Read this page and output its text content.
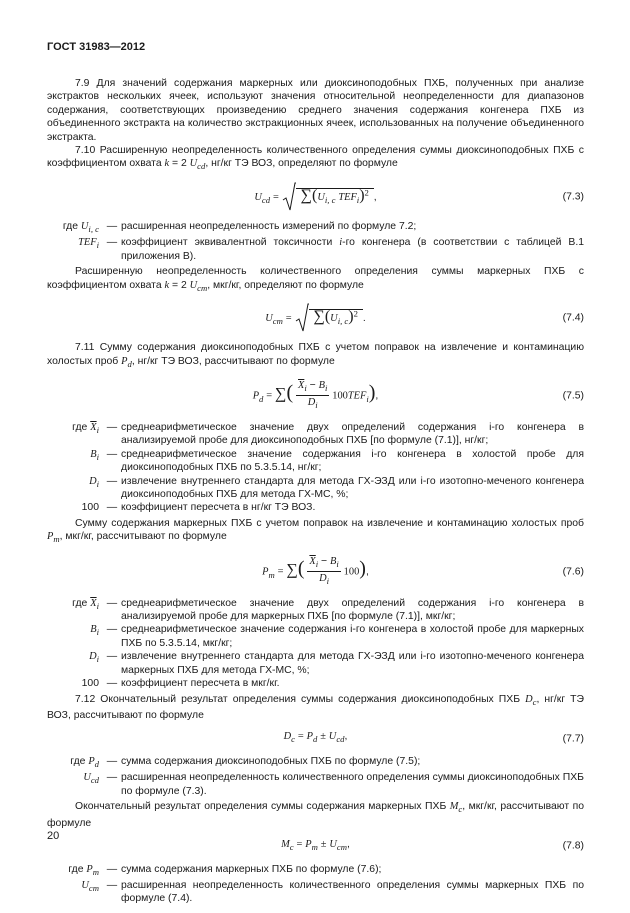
ГОСТ 31983—2012

7.9 Для значений содержания маркерных или диоксиноподобных ПХБ, полученных при анализе экстрактов нескольких ячеек, используют значения относительной неопределенности для диапазонов содержания, соответствующих произведению среднего значения содержания конгенера ПХБ из объединенного экстракта на количество экстракционных ячеек, использованных на получение объединенного экстракта.

7.10 Расширенную неопределенность количественного определения суммы диоксиноподобных ПХБ с коэффициентом охвата k = 2 $U_{cd}$, нг/кг ТЭ ВОЗ, определяют по формуле

$U_{cd} = \sum(U_{i, c}$ $TEF_i)^2$ ,	(7.3)
где $U_{i, c}$ — расширенная неопределенность измерений по формуле 7.2;
$TEF_i$ — коэффициент эквивалентной токсичности i-го конгенера (в соответствии с таблицей В.1 приложения В).

Расширенную неопределенность количественного определения суммы маркерных ПХБ с коэффициентом охвата k = 2 $U_{cm}$, мкг/кг, определяют по формуле

$U_{cm} = \sum(U_{i, c})^2$ .	(7.4)

7.11 Сумму содержания диоксиноподобных ПХБ с учетом поправок на извлечение и контаминацию холостых проб $P_d$, нг/кг ТЭ ВОЗ, рассчитывают по формуле

$P_d$ = ∑( $\frac{\overline{X}_i - B_i}{D_i} 100TEF_i$),	(7.5)
где $\overline{X}_i$ — среднеарифметическое значение двух определений содержания i-го конгенера в анализируемой пробе для диоксиноподобных ПХБ [по формуле (7.1)], нг/кг;
$B_i$ — среднеарифметическое значение содержания i-го конгенера в холостой пробе для диоксиноподобных ПХБ по 5.3.5.14, нг/кг;
$D_i$ — извлечение внутреннего стандарта для метода ГХ-ЭЗД или i-го изотопно-меченого конгенера диоксиноподобных ПХБ для метода ГХ-МС, %;
100 — коэффициент пересчета в нг/кг ТЭ ВОЗ.

Сумму содержания маркерных ПХБ с учетом поправок на извлечение и контаминацию холостых проб $P_m$, мкг/кг, рассчитывают по формуле

$P_m$ = ∑( $\frac{\overline{X}_i - B_i}{D_i} 100$),	(7.6)
где $\overline{X}_i$ — среднеарифметическое значение двух определений содержания i-го конгенера в анализируемой пробе для маркерных ПХБ [по формуле (7.1)], мкг/кг;
$B_i$ — среднеарифметическое значение содержания i-го конгенера в холостой пробе для маркерных ПХБ по 5.3.5.14, мкг/кг;
$D_i$ — извлечение внутреннего стандарта для метода ГХ-ЭЗД или i-го изотопно-меченого конгенера маркерных ПХБ для метода ГХ-МС, %;
100 — коэффициент пересчета в мкг/кг.

7.12 Окончательный результат определения суммы содержания диоксиноподобных ПХБ $D_c$, нг/кг ТЭ ВОЗ, рассчитывают по формуле

$D_c = P_d \pm U_{cd}$,	(7.7)
где $P_d$ — сумма содержания диоксиноподобных ПХБ по формуле (7.5);
$U_{cd}$ — расширенная неопределенность количественного определения суммы диоксиноподобных ПХБ по формуле (7.3).

Окончательный результат определения суммы содержания маркерных ПХБ $M_c$, мкг/кг, рассчитывают по формуле

$M_c = P_m \pm U_{cm}$,	(7.8)
где $P_m$ — сумма содержания маркерных ПХБ по формуле (7.6);
$U_{cm}$ — расширенная неопределенность количественного определения суммы маркерных ПХБ по формуле (7.4).
20
